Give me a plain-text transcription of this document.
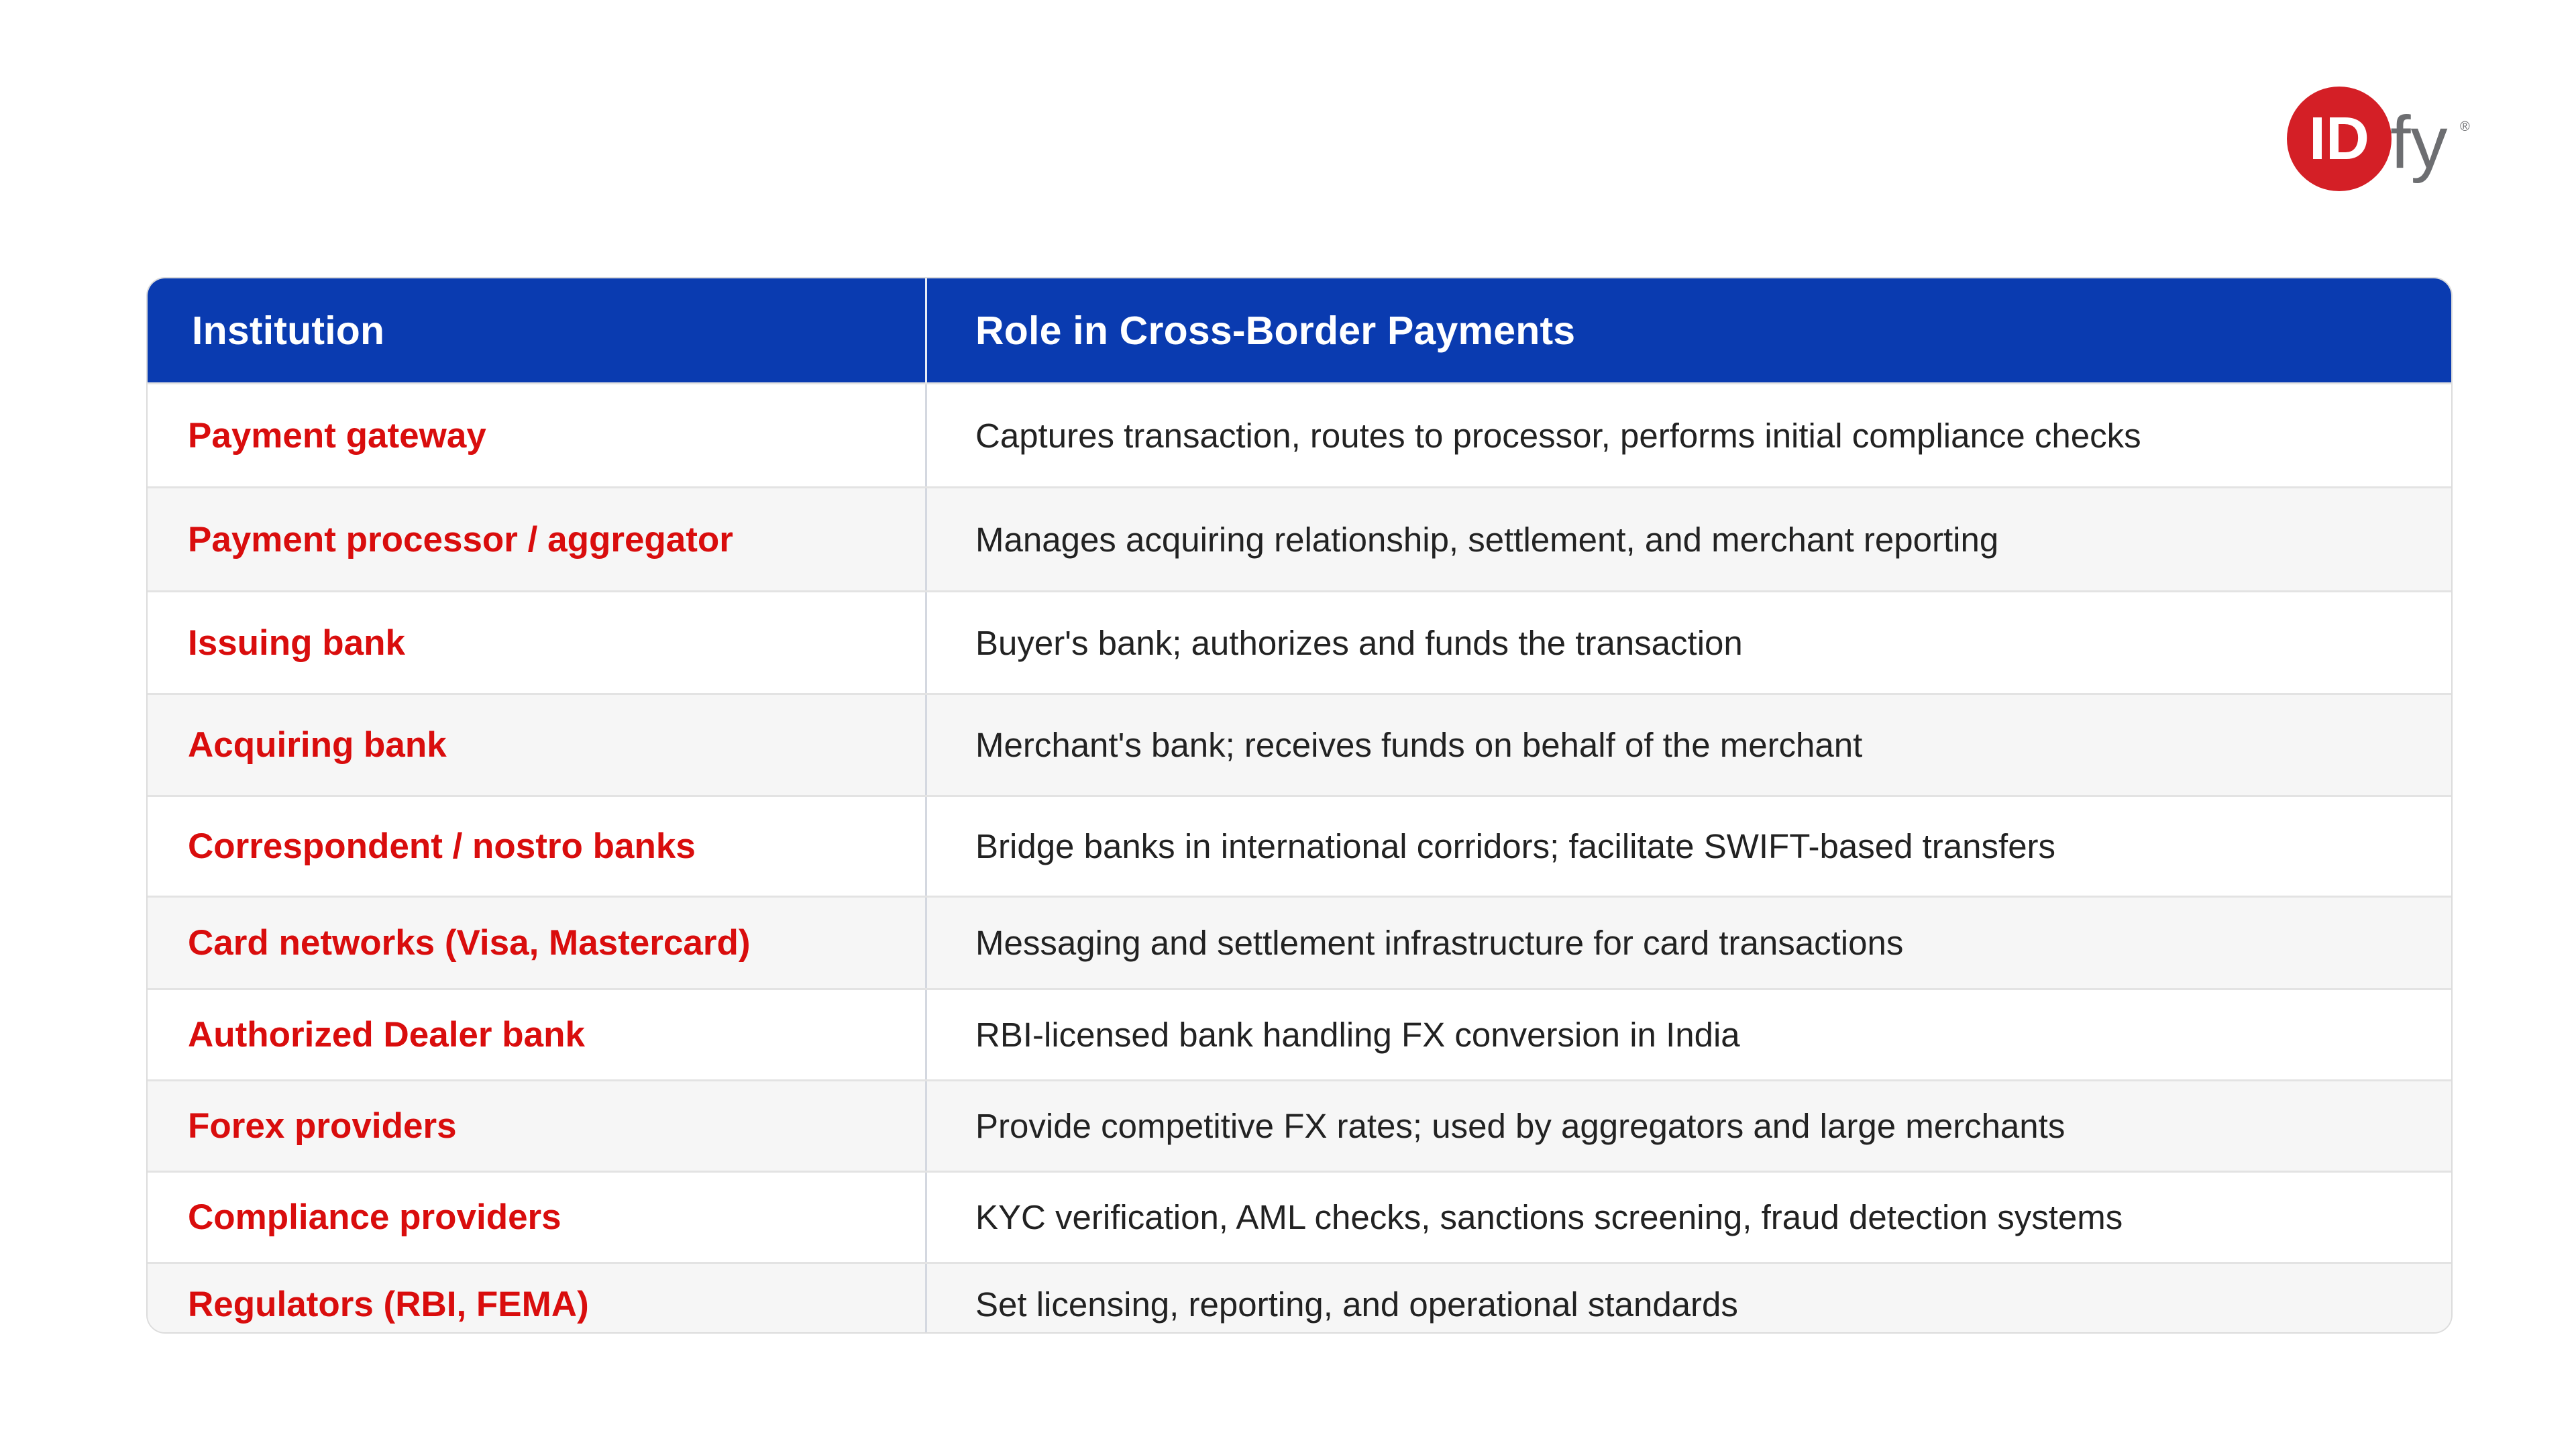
ID fy ®
Institution	Role in Cross-Border Payments
Payment gateway	Captures transaction, routes to processor, performs initial compliance checks
Payment processor / aggregator	Manages acquiring relationship, settlement, and merchant reporting
Issuing bank	Buyer's bank; authorizes and funds the transaction
Acquiring bank	Merchant's bank; receives funds on behalf of the merchant
Correspondent / nostro banks	Bridge banks in international corridors; facilitate SWIFT-based transfers
Card networks (Visa, Mastercard)	Messaging and settlement infrastructure for card transactions
Authorized Dealer bank	RBI-licensed bank handling FX conversion in India
Forex providers	Provide competitive FX rates; used by aggregators and large merchants
Compliance providers	KYC verification, AML checks, sanctions screening, fraud detection systems
Regulators (RBI, FEMA)	Set licensing, reporting, and operational standards
